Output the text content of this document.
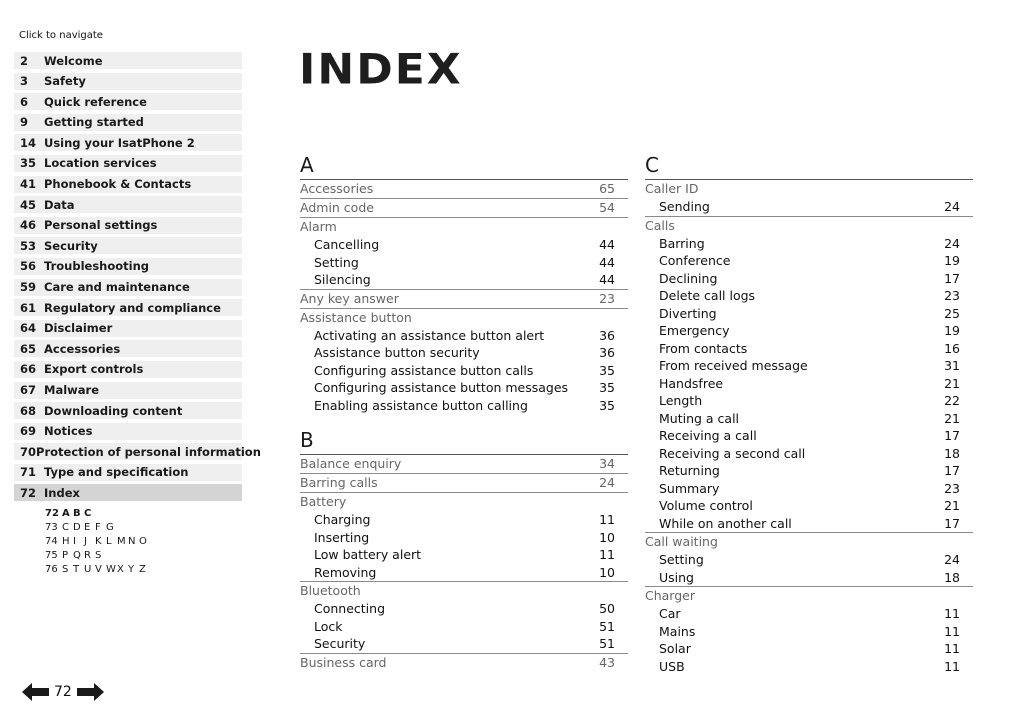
Click to navigate
2	Welcome
3	Safety
6	Quick reference
9	Getting started
14 Using your IsatPhone 2
35 Location services
41 Phonebook & Contacts
45 Data
46 Personal settings
53 Security
56 Troubleshooting
59 Care and maintenance
61 Regulatory and compliance
64 Disclaimer
65 Accessories
66 Export controls
67 Malware
68 Downloading content
69 Notices
70 Protection of personal information
71 Type and specification
72 Index
72 A B C
73 C D E F G
74 H I J K L M N O
75 P Q R S
76 S T U V W X Y Z
72
INDEX
A
Accessories	65
Admin code	54
Alarm
Cancelling	44
Setting	44
Silencing	44
Any key answer	23
Assistance button
Activating an assistance button alert	36
Assistance button security	36
Configuring assistance button calls	35
Configuring assistance button messages	35
Enabling assistance button calling	35
B
Balance enquiry	34
Barring calls	24
Battery
Charging	11
Inserting	10
Low battery alert	11
Removing	10
Bluetooth
Connecting	50
Lock	51
Security	51
Business card	43
C
Caller ID
Sending	24
Calls
Barring	24
Conference	19
Declining	17
Delete call logs	23
Diverting	25
Emergency	19
From contacts	16
From received message	31
Handsfree	21
Length	22
Muting a call	21
Receiving a call	17
Receiving a second call	18
Returning	17
Summary	23
Volume control	21
While on another call	17
Call waiting
Setting	24
Using	18
Charger
Car	11
Mains	11
Solar	11
USB	11
